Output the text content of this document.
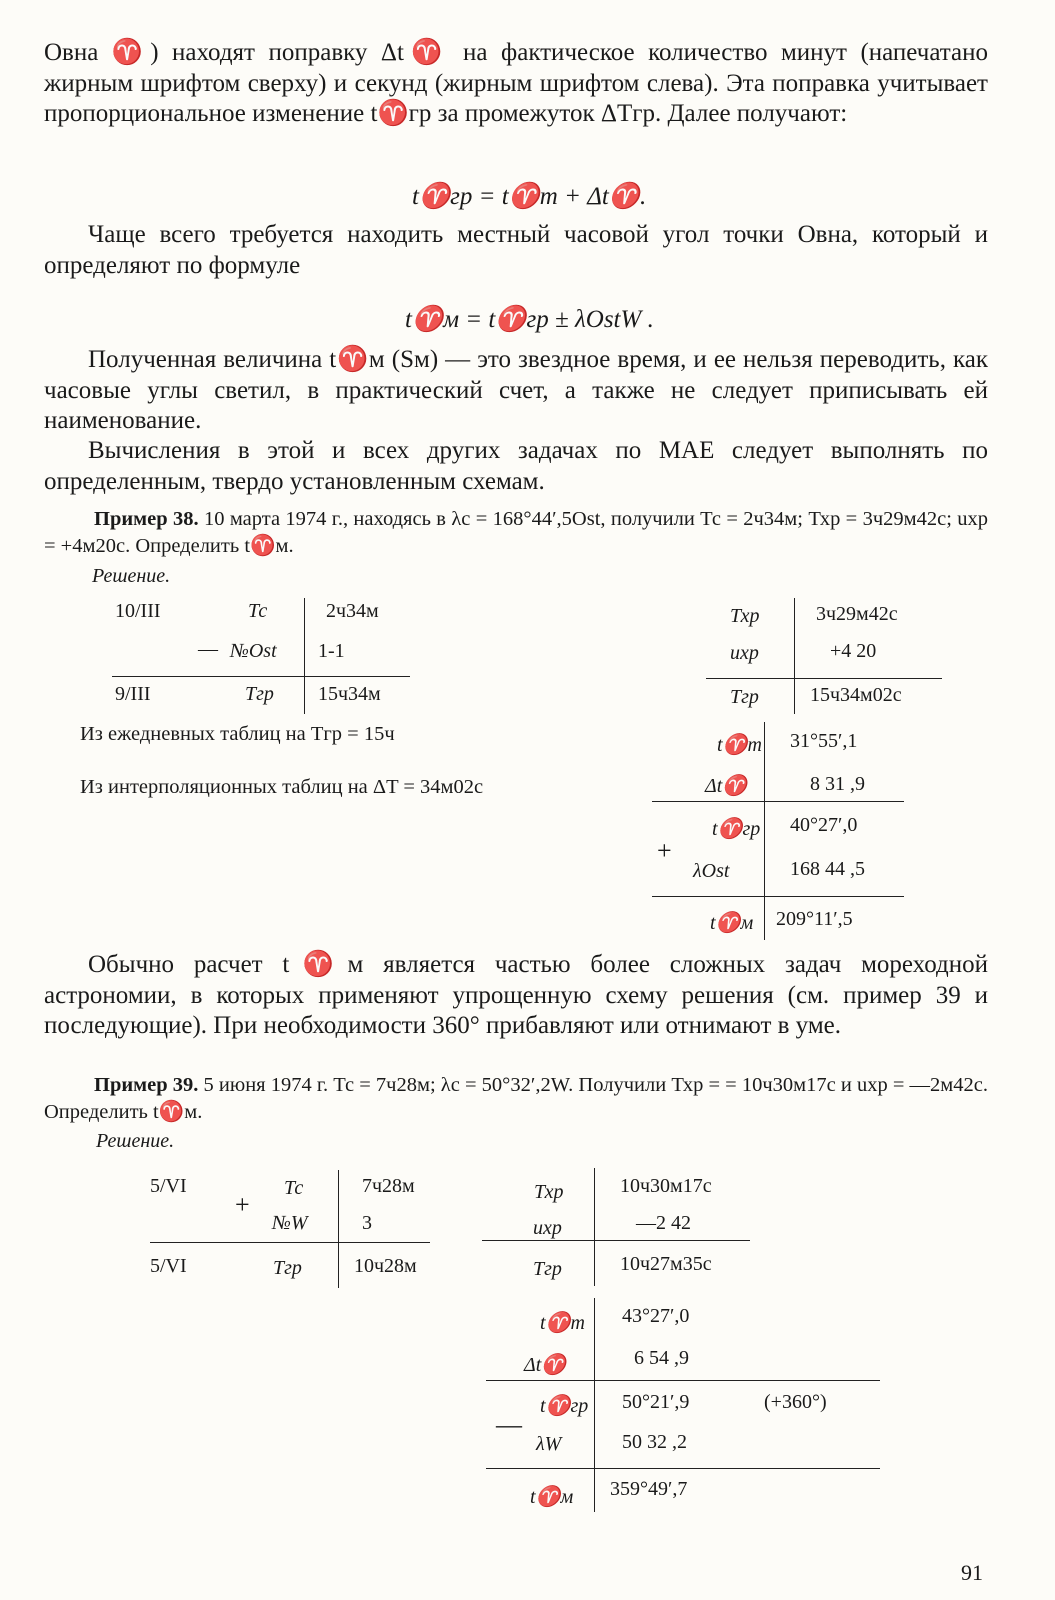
Овна ♈) находят поправку Δt♈ на фактическое количество минут (напечатано жирным шрифтом сверху) и секунд (жирным шрифтом слева). Эта поправка учитывает пропорциональное изменение t♈гр за промежуток ΔTгр. Далее получают:
t♈гр = t♈т + Δt♈.
Чаще всего требуется находить местный часовой угол точки Овна, который и определяют по формуле
t♈м = t♈гр ± λOstW .
Полученная величина t♈м (Sм) — это звездное время, и ее нельзя переводить, как часовые углы светил, в практический счет, а также не следует приписывать ей наименование.
Вычисления в этой и всех других задачах по МАЕ следует выполнять по определенным, твердо установленным схемам.
Пример 38. 10 марта 1974 г., находясь в λс = 168°44′,5Оst, получили Тс = 2ч34м; Тхр = 3ч29м42с; uхр = +4м20с. Определить t♈м.
Решение.
10/III	Тс	2ч34м
— №Ost 1-1
9/III	Тгр 15ч34м
Тхр	3ч29м42с
uхр	+4 20
Тгр	15ч34м02с
Из ежедневных таблиц на Тгр = 15ч
Из интерполяционных таблиц на ΔT = 34м02с
t♈т 31°55′,1
Δt♈	8 31 ,9
t♈гр 40°27′,0
+
λOst	168 44 ,5
t♈м 209°11′,5
Обычно расчет t♈м является частью более сложных задач мореходной астрономии, в которых применяют упрощенную схему решения (см. пример 39 и последующие). При необходимости 360° прибавляют или отнимают в уме.
Пример 39. 5 июня 1974 г. Тс = 7ч28м; λс = 50°32′,2W. Получили Тхр = = 10ч30м17с и uхр = —2м42с. Определить t♈м.
Решение.
5/VI	Тс	7ч28м
+
№W	3
5/VI	Тгр	10ч28м
Тхр	10ч30м17с
uхр	—2 42
Тгр	10ч27м35с
t♈т 43°27′,0
Δt♈	6 54 ,9
t♈гр 50°21′,9	(+360°)
—
λW	50 32 ,2
t♈м 359°49′,7
91
